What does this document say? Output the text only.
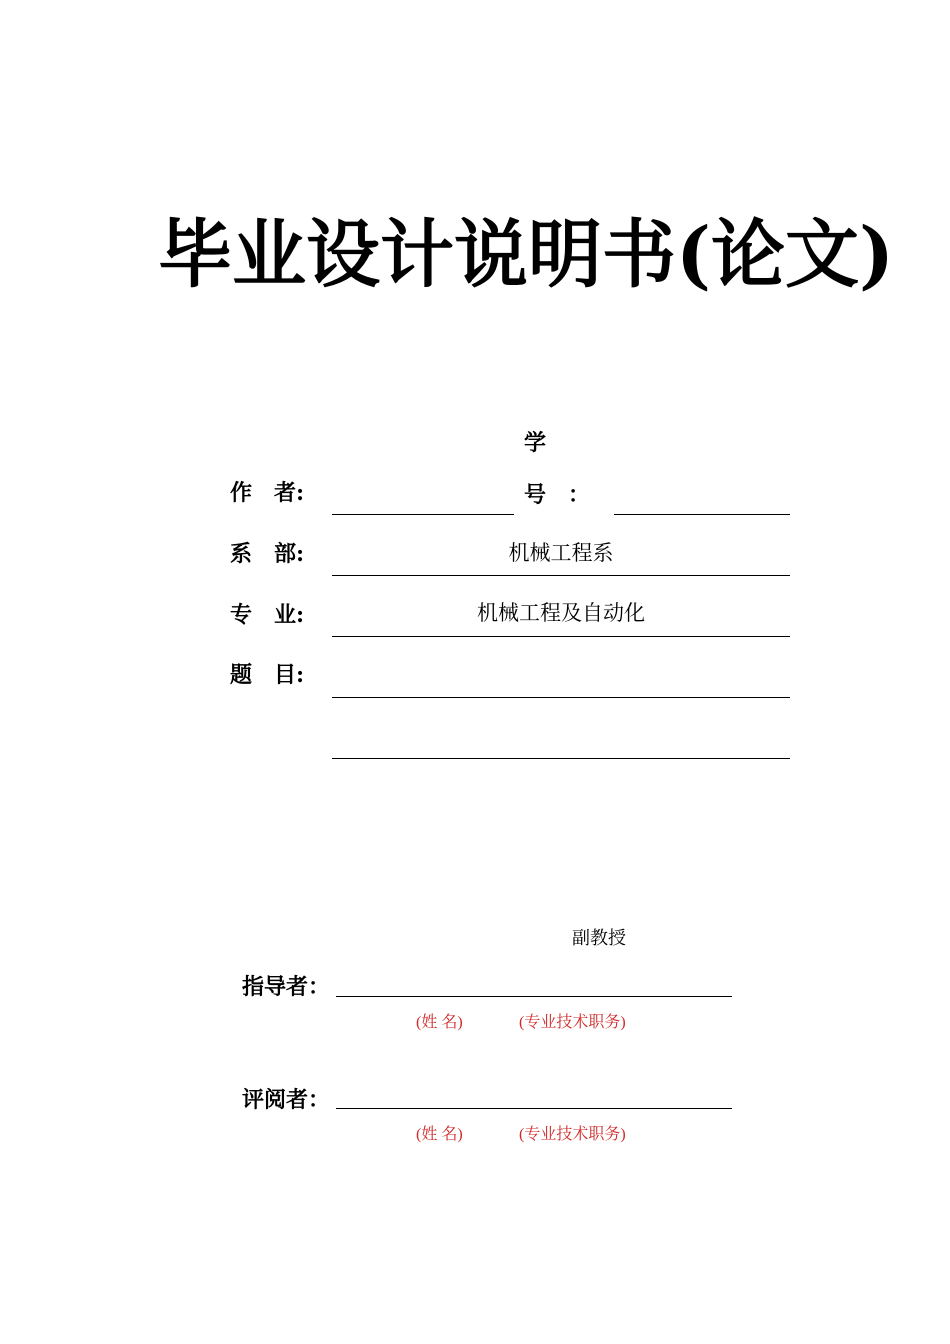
毕业设计说明书(论文)
作　者:
学
号　：
系　部:	机械工程系
专　业:	机械工程及自动化
题　目:
副教授
指导者：
(姓 名)	(专业技术职务)
评阅者：
(姓 名)	(专业技术职务)
